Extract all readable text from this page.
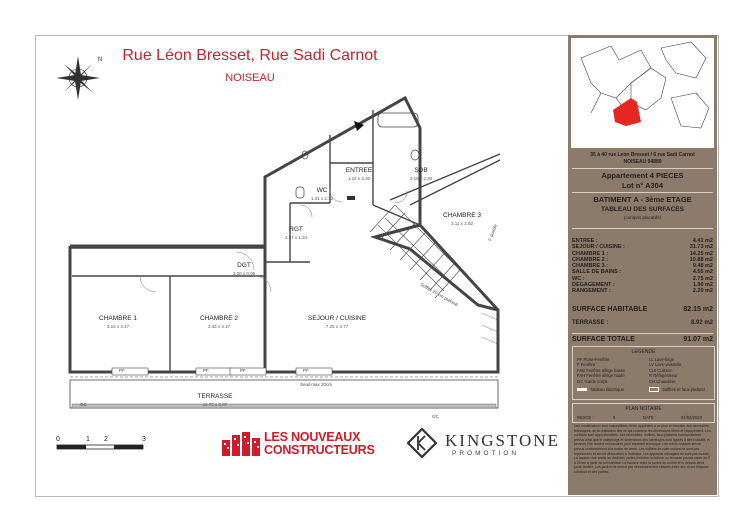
Rue Léon Bresset, Rue Sadi Carnot
NOISEAU
N
ENTREE
1.22 x 3.30
SDB
2.15 x 2.30
WC
1.41 x 2.12
CHAMBRE 3
3.11 x 2.82
RGT
1.97 x 1.34
DGT
2.00 x 0.95
CHAMBRE 1
3.15 x 4.17
CHAMBRE 2
3.43 x 3.17
SEJOUR / CUISINE
7.25 x 4.77
TERRASSE
11.73 x 0.87
F double
Soffite 20 cm plafond
Seuil max 20cm
PF	PF	PF	PF
GC
GC
0	1 2	3	LES NOUVEAUX
CONSTRUCTEURS	KINGSTONE
PROMOTION
35 à 40 rue Leon Bresset / 6 rue Sadi Carnot
NOISEAU 94880
Appartement 4 PIECES
Lot n° A304
BATIMENT A - 3ème ETAGE
TABLEAU DES SURFACES
(compris placards)
ENTREE :	4.41 m2
SEJOUR / CUISINE :	31.73 m2
CHAMBRE 1 :	14.25 m2
CHAMBRE 2 :	10.88 m2
CHAMBRE 3 :	9.48 m2
SALLE DE BAINS :	4.55 m2
WC :	2.75 m2
DEGAGEMENT :	1.90 m2
RANGEMENT :	2.20 m2
SURFACE HABITABLE	82.15 m2
TERRASSE :	8.92 m2
SURFACE TOTALE	91.07 m2
LEGENDE
PF Porte-Fenêtre
F Fenêtre
FAB Fenêtre allège basse
FAH Fenêtre allège haute
GC Garde corps
LL Lave-linge
LV Lave-vaisselle
CUI Cuisson
R Réfrigérateur
CH Chaudière
Tableau électrique	Soffites et faux-plafond
PLAN NOTAIRE
INDICE :	0	DATE :	01/02/2023
Des modifications sont susceptibles d'être apportées à ce plan en fonction des nécessités techniques, de la réalisation liée ce qui concerne les dimensions libres et l'équipement. Les surfaces sont approximatives. Les retombées, soffites, faux-plafonds éventuellement prévus ainsi que le calepinage et dimensions des carrelages sont figurés à titre indicatif, et peuvent être rendus nécessaires pour impératif technique. Les volets roulants seront prévus conformément à la notice de vente. Les coffrets de volet roulant ne sont pas représentés et seront débordants à l'intérieur. Les appareils ménagers ne sont pas fournis. La hauteur des seuils au droit des portes-fenêtres ou balcon ou terrasse pourra varier de 5 à 25 cm à partir du sol intérieur. La hauteur entre la portée du sol fini et le dessus de la porte-fenêtre. Les jardins ne seront pas nécessairement clôturés entre eux ni sur l'espace commun et des parties.
